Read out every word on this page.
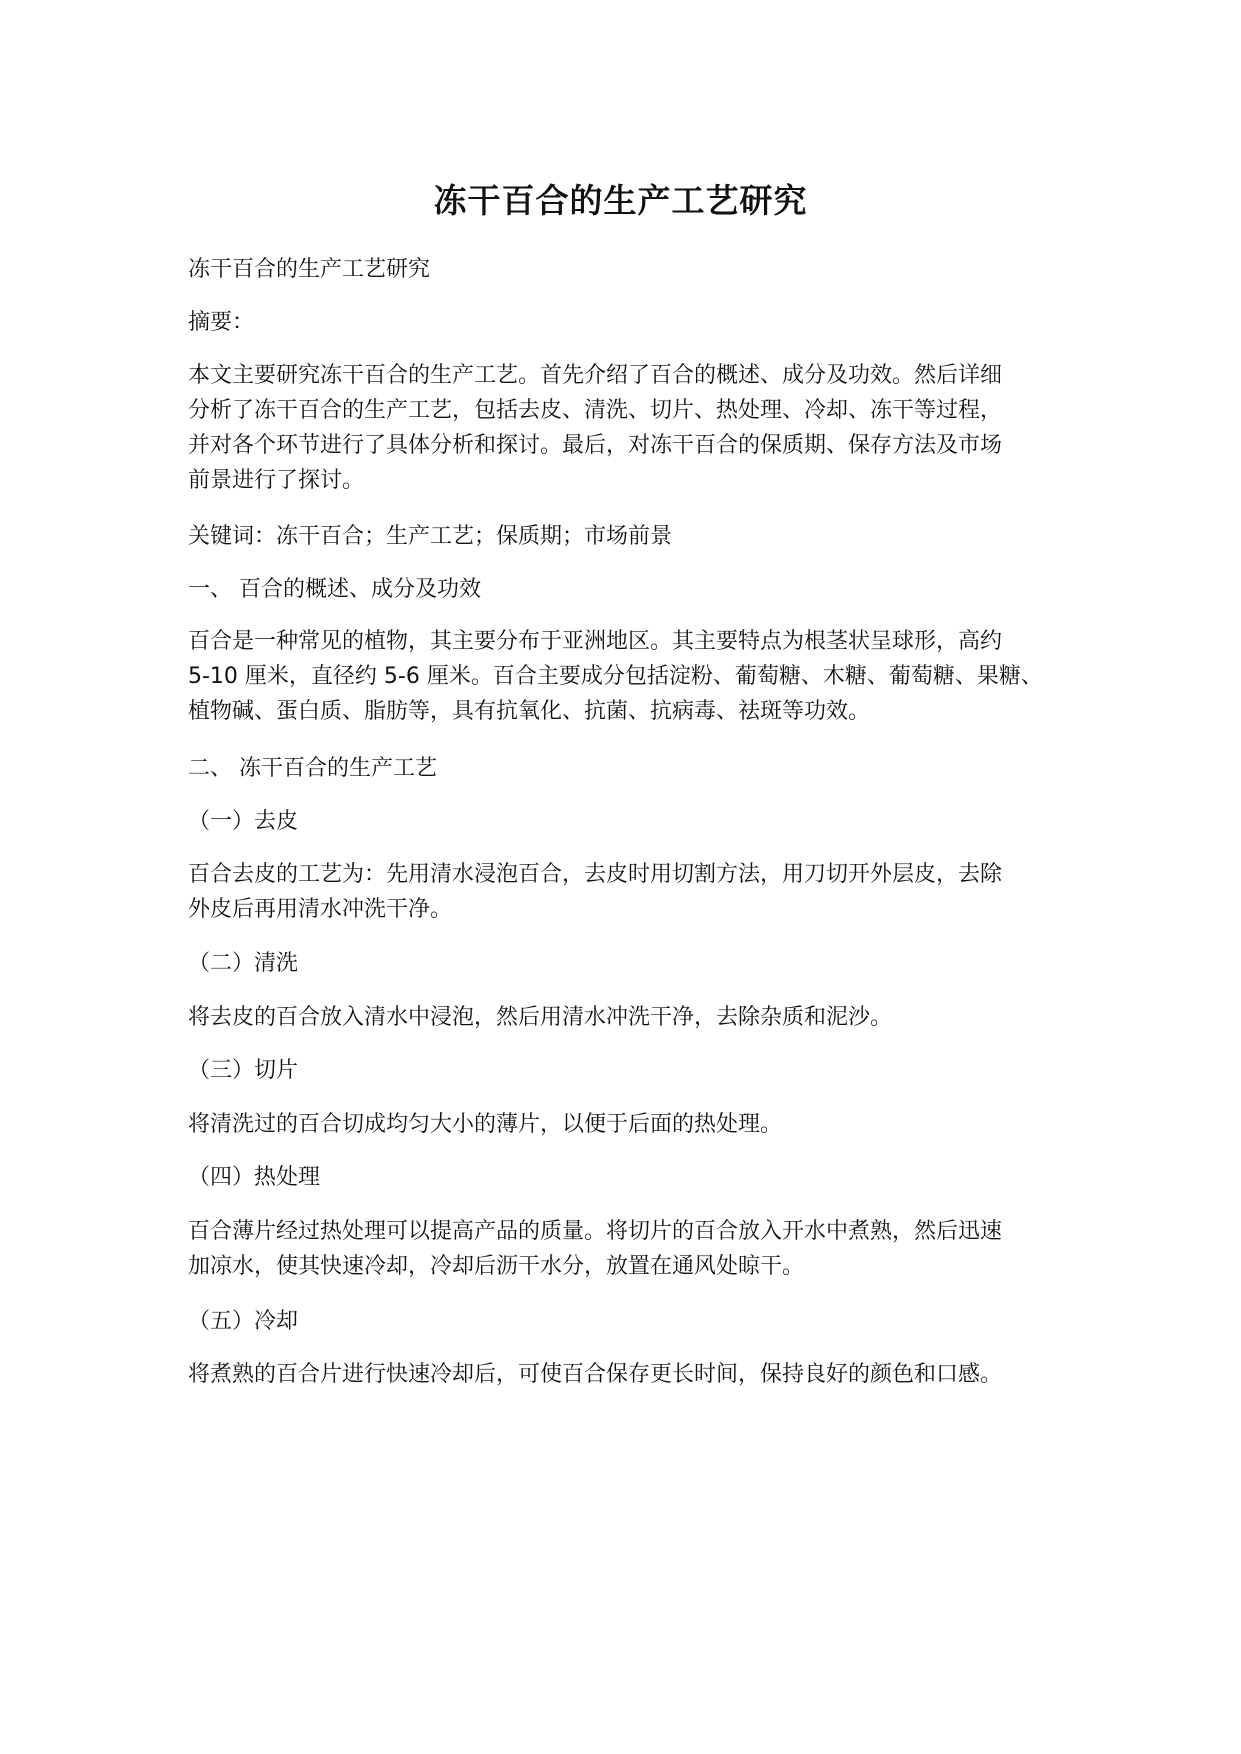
冻干百合的生产工艺研究

冻干百合的生产工艺研究

摘要：

本文主要研究冻干百合的生产工艺。首先介绍了百合的概述、成分及功效。然后详细
分析了冻干百合的生产工艺，包括去皮、清洗、切片、热处理、冷却、冻干等过程，
并对各个环节进行了具体分析和探讨。最后，对冻干百合的保质期、保存方法及市场
前景进行了探讨。

关键词：冻干百合；生产工艺；保质期；市场前景

一、 百合的概述、成分及功效

百合是一种常见的植物，其主要分布于亚洲地区。其主要特点为根茎状呈球形，高约
5-10 厘米，直径约 5-6 厘米。百合主要成分包括淀粉、葡萄糖、木糖、葡萄糖、果糖、
植物碱、蛋白质、脂肪等，具有抗氧化、抗菌、抗病毒、祛斑等功效。

二、 冻干百合的生产工艺

（一）去皮

百合去皮的工艺为：先用清水浸泡百合，去皮时用切割方法，用刀切开外层皮，去除
外皮后再用清水冲洗干净。

（二）清洗

将去皮的百合放入清水中浸泡，然后用清水冲洗干净，去除杂质和泥沙。

（三）切片

将清洗过的百合切成均匀大小的薄片，以便于后面的热处理。

（四）热处理

百合薄片经过热处理可以提高产品的质量。将切片的百合放入开水中煮熟，然后迅速
加凉水，使其快速冷却，冷却后沥干水分，放置在通风处晾干。

（五）冷却

将煮熟的百合片进行快速冷却后，可使百合保存更长时间，保持良好的颜色和口感。
